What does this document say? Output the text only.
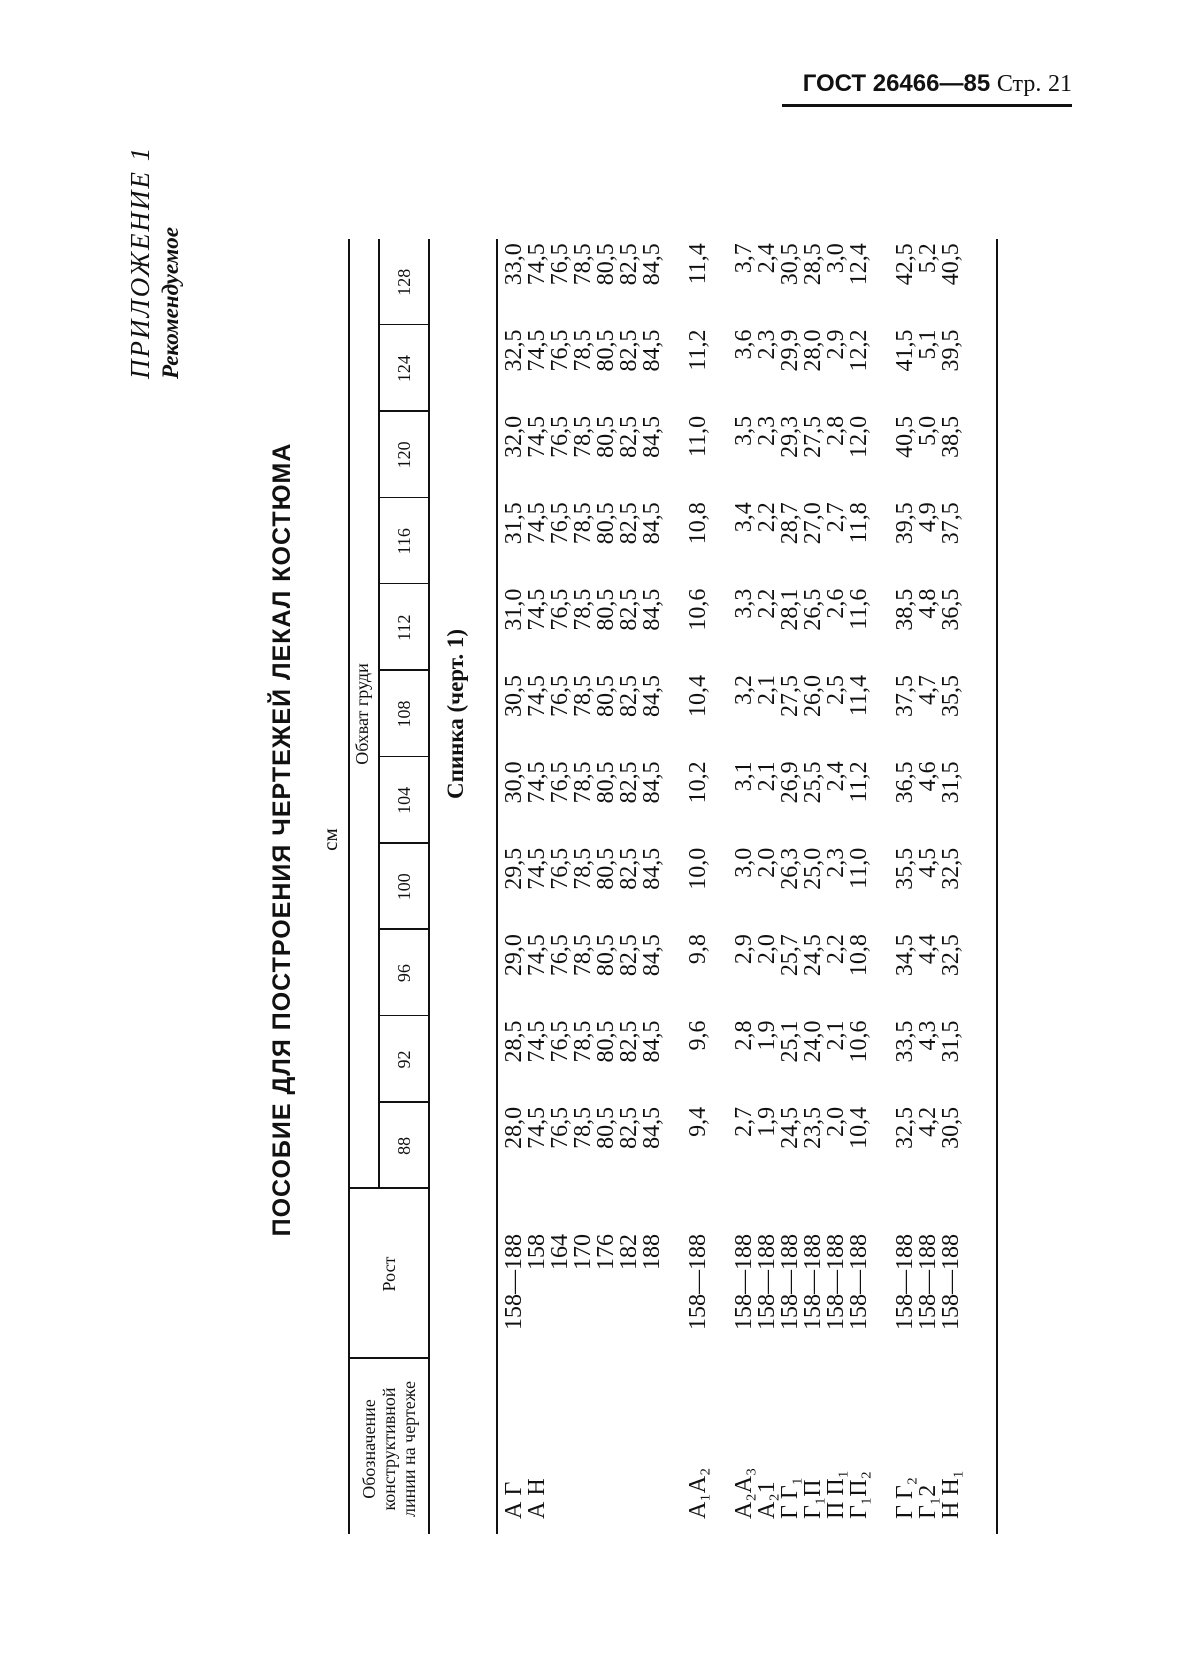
ГОСТ 26466—85 Стр. 21
ПРИЛОЖЕНИЕ 1 Рекомендуемое
ПОСОБИЕ ДЛЯ ПОСТРОЕНИЯ ЧЕРТЕЖЕЙ ЛЕКАЛ КОСТЮМА см
Обозначение конструктивной линии на чертеже
Рост
Обхват груди
88
92
96
100
104
108
112
116
120
124
128
Спинка (черт. 1)
А Г
А Н
158—188
158
164
170
176
182
188
28,0
74,5
76,5
78,5
80,5
82,5
84,5
28,5
74,5
76,5
78,5
80,5
82,5
84,5
29,0
74,5
76,5
78,5
80,5
82,5
84,5
29,5
74,5
76,5
78,5
80,5
82,5
84,5
30,0
74,5
76,5
78,5
80,5
82,5
84,5
30,5
74,5
76,5
78,5
80,5
82,5
84,5
31,0
74,5
76,5
78,5
80,5
82,5
84,5
31,5
74,5
76,5
78,5
80,5
82,5
84,5
32,0
74,5
76,5
78,5
80,5
82,5
84,5
32,5
74,5
76,5
78,5
80,5
82,5
84,5
33,0
74,5
76,5
78,5
80,5
82,5
84,5
А₁А₂
158—188
9,4
9,6
9,8
10,0
10,2
10,4
10,6
10,8
11,0
11,2
11,4
А₂А₃
А₂1
Г Г₁
Г₁П
П П₁
Г₁П₂
158—188
158—188
158—188
158—188
158—188
158—188
2,7
1,9
24,5
23,5
2,0
10,4
2,8
1,9
25,1
24,0
2,1
10,6
2,9
2,0
25,7
24,5
2,2
10,8
3,0
2,0
26,3
25,0
2,3
11,0
3,1
2,1
26,9
25,5
2,4
11,2
3,2
2,1
27,5
26,0
2,5
11,4
3,3
2,2
28,1
26,5
2,6
11,6
3,4
2,2
28,7
27,0
2,7
11,8
3,5
2,3
29,3
27,5
2,8
12,0
3,6
2,3
29,9
28,0
2,9
12,2
3,7
2,4
30,5
28,5
3,0
12,4
Г Г₂
Г₁2
Н Н₁
158—188
158—188
158—188
32,5
4,2
30,5
33,5
4,3
31,5
34,5
4,4
32,5
35,5
4,5
32,5
36,5
4,6
31,5
37,5
4,7
35,5
38,5
4,8
36,5
39,5
4,9
37,5
40,5
5,0
38,5
41,5
5,1
39,5
42,5
5,2
40,5
